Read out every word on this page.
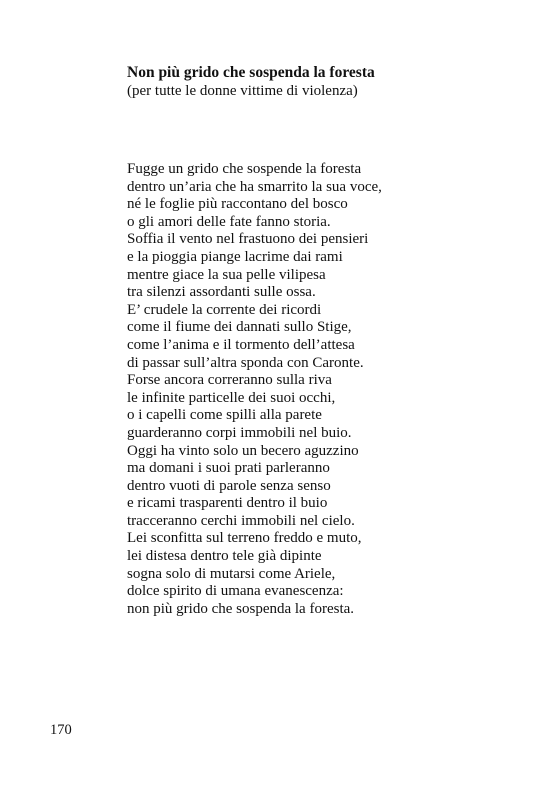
Non più grido che sospenda la foresta

(per tutte le donne vittime di violenza)

Fugge un grido che sospende la foresta
dentro un’aria che ha smarrito la sua voce,
né le foglie più raccontano del bosco
o gli amori delle fate fanno storia.
Soffia il vento nel frastuono dei pensieri
e la pioggia piange lacrime dai rami
mentre giace la sua pelle vilipesa
tra silenzi assordanti sulle ossa.
E’ crudele la corrente dei ricordi
come il fiume dei dannati sullo Stige,
come l’anima e il tormento dell’attesa
di passar sull’altra sponda con Caronte.
Forse ancora correranno sulla riva
le infinite particelle dei suoi occhi,
o i capelli come spilli alla parete
guarderanno corpi immobili nel buio.
Oggi ha vinto solo un becero aguzzino
ma domani i suoi prati parleranno
dentro vuoti di parole senza senso
e ricami trasparenti dentro il buio
tracceranno cerchi immobili nel cielo.
Lei sconfitta sul terreno freddo e muto,
lei distesa dentro tele già dipinte
sogna solo di mutarsi come Ariele,
dolce spirito di umana evanescenza:
non più grido che sospenda la foresta.

170
